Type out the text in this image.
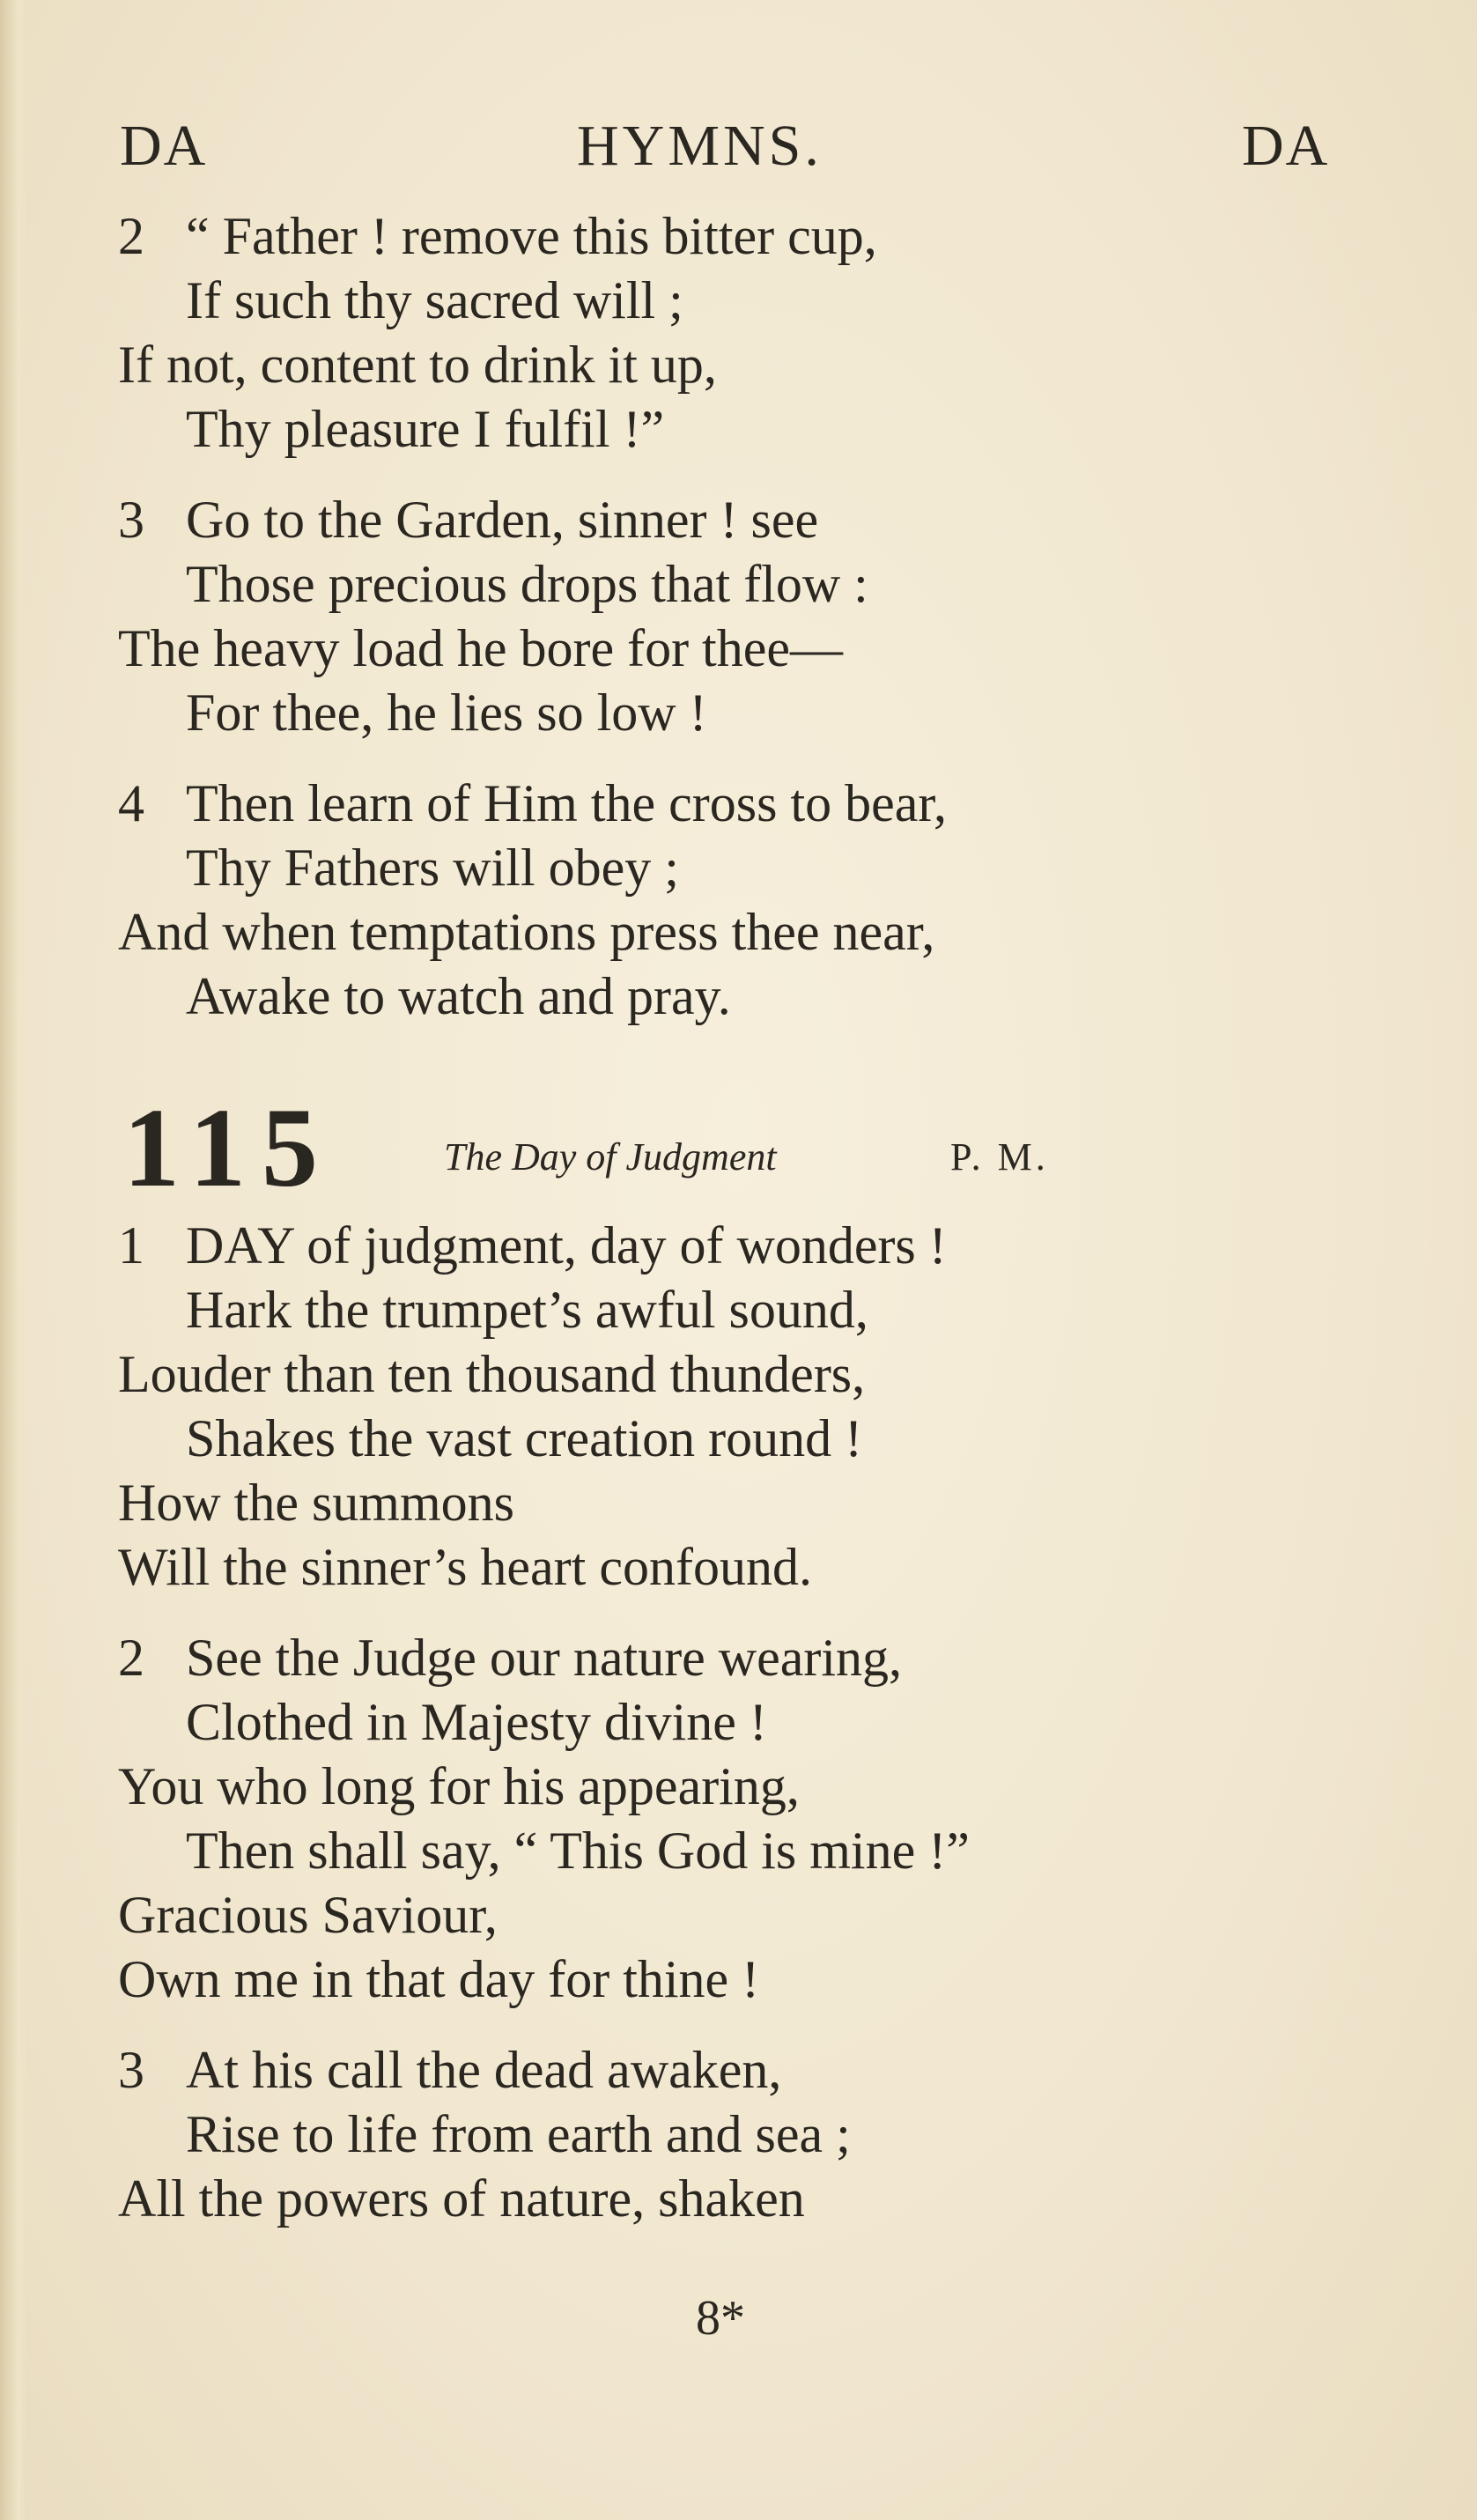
DA	HYMNS.	DA
2 “ Father ! remove this bitter cup,
If such thy sacred will ;
If not, content to drink it up,
Thy pleasure I fulfil !”
3 Go to the Garden, sinner ! see
Those precious drops that flow :
The heavy load he bore for thee—
For thee, he lies so low !
4 Then learn of Him the cross to bear,
Thy Fathers will obey ;
And when temptations press thee near,
Awake to watch and pray.
115	The Day of Judgment	P. M.
1 DAY of judgment, day of wonders !
Hark the trumpet’s awful sound,
Louder than ten thousand thunders,
Shakes the vast creation round !
How the summons
Will the sinner’s heart confound.
2 See the Judge our nature wearing,
Clothed in Majesty divine !
You who long for his appearing,
Then shall say, “ This God is mine !”
Gracious Saviour,
Own me in that day for thine !
3 At his call the dead awaken,
Rise to life from earth and sea ;
All the powers of nature, shaken
8*
